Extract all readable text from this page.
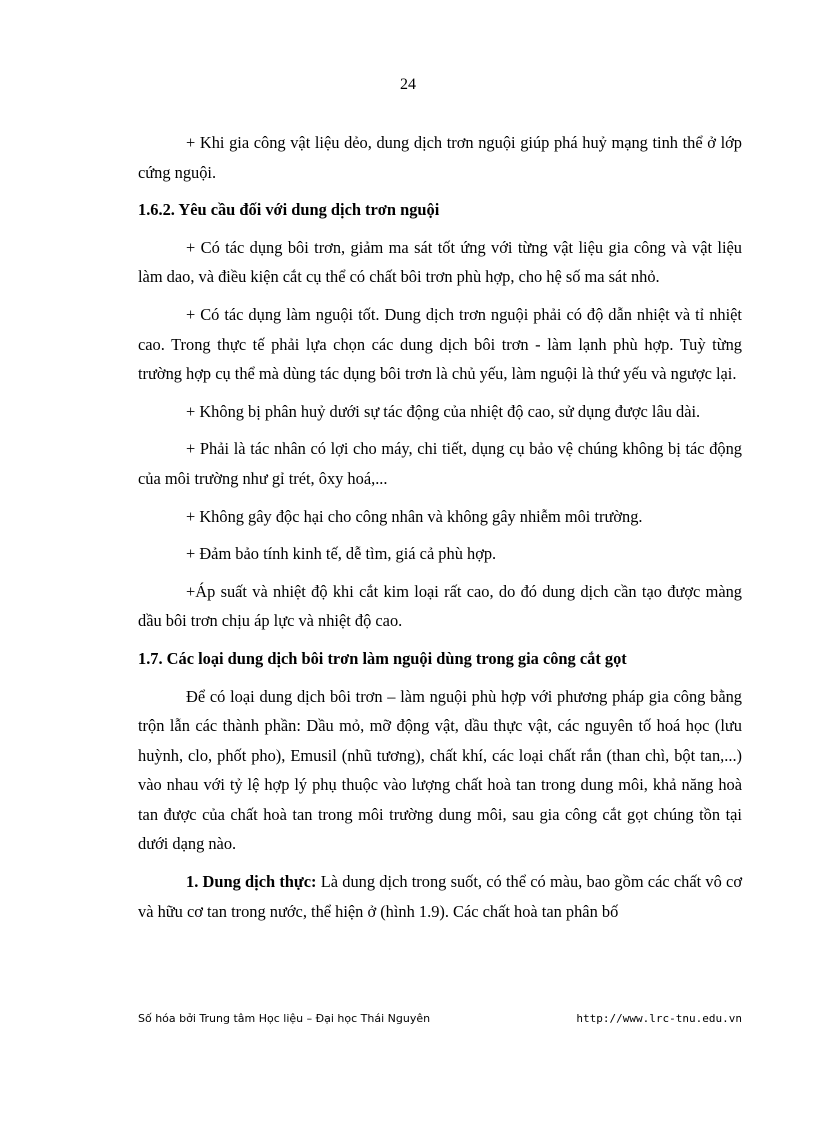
24

+ Khi gia công vật liệu dẻo, dung dịch trơn nguội giúp phá huỷ mạng tinh thể ở lớp cứng nguội.

1.6.2. Yêu cầu đối với dung dịch trơn nguội

+ Có tác dụng bôi trơn, giảm ma sát tốt ứng với từng vật liệu gia công và vật liệu làm dao, và điều kiện cắt cụ thể có chất bôi trơn phù hợp, cho hệ số ma sát nhỏ.

+ Có tác dụng làm nguội tốt. Dung dịch trơn nguội phải có độ dẫn nhiệt và tỉ nhiệt cao. Trong thực tế phải lựa chọn các dung dịch bôi trơn - làm lạnh phù hợp. Tuỳ từng trường hợp cụ thể mà dùng tác dụng bôi trơn là chủ yếu, làm nguội là thứ yếu và ngược lại.

+ Không bị phân huỷ dưới sự tác động của nhiệt độ cao, sử dụng được lâu dài.

+ Phải là tác nhân có lợi cho máy, chi tiết, dụng cụ bảo vệ chúng không bị tác động của môi trường như gỉ trét, ôxy hoá,...

+ Không gây độc hại cho công nhân và không gây nhiễm môi trường.

+ Đảm bảo tính kinh tế, dễ tìm, giá cả phù hợp.

+Áp suất và nhiệt độ khi cắt kim loại rất cao, do đó dung dịch cần tạo được màng dầu bôi trơn chịu áp lực và nhiệt độ cao.

1.7. Các loại dung dịch bôi trơn làm nguội dùng trong gia công cắt gọt

Để có loại dung dịch bôi trơn – làm nguội phù hợp với phương pháp gia công bằng trộn lẫn các thành phần: Dầu mỏ, mỡ động vật, dầu thực vật, các nguyên tố hoá học (lưu huỳnh, clo, phốt pho), Emusil (nhũ tương), chất khí, các loại chất rắn (than chì, bột tan,...) vào nhau với tỷ lệ hợp lý phụ thuộc vào lượng chất hoà tan trong dung môi, khả năng hoà tan được của chất hoà tan trong môi trường dung môi, sau gia công cắt gọt chúng tồn tại dưới dạng nào.

1. Dung dịch thực: Là dung dịch trong suốt, có thể có màu, bao gồm các chất vô cơ và hữu cơ tan trong nước, thể hiện ở (hình 1.9). Các chất hoà tan phân bố

Số hóa bởi Trung tâm Học liệu – Đại học Thái Nguyên	http://www.lrc-tnu.edu.vn
